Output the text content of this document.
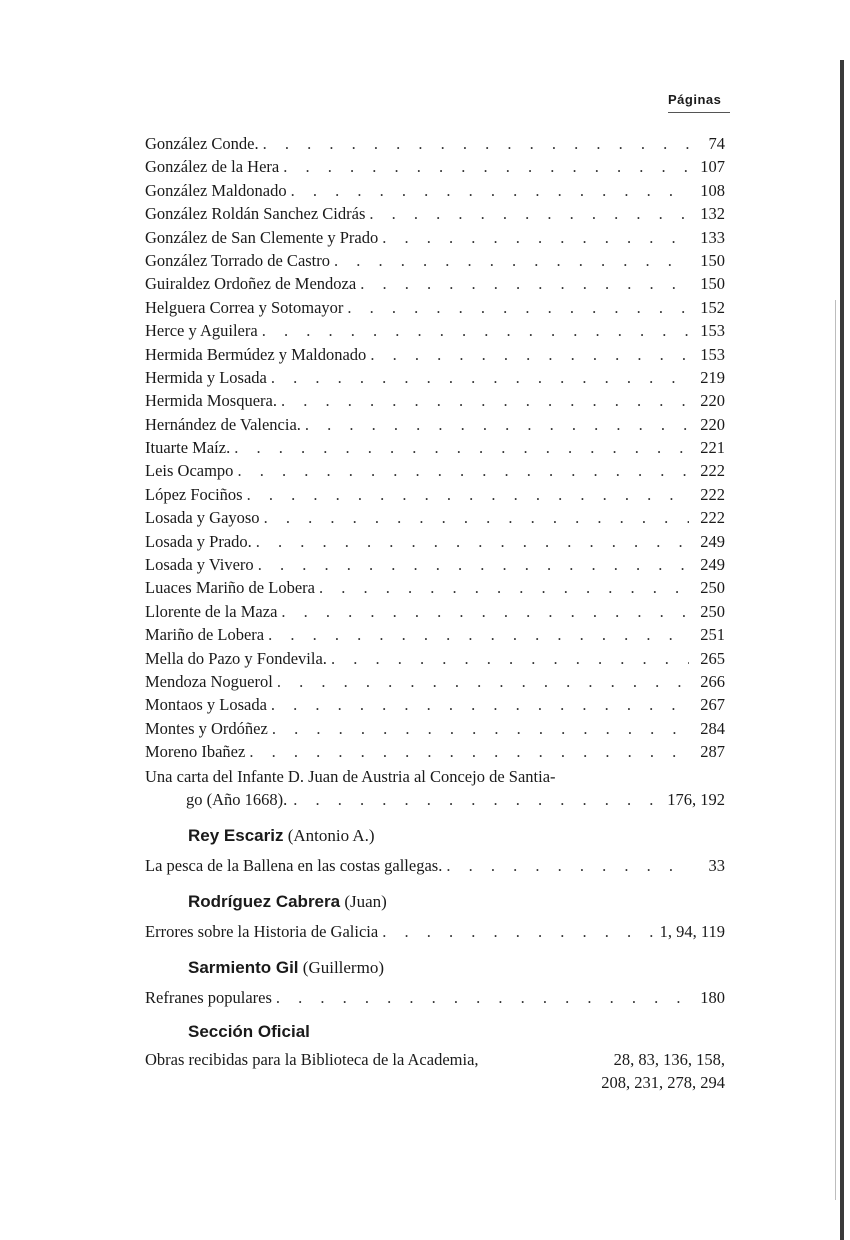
Páginas
González Conde. . . .	74
González de la Hera . . .	107
González Maldonado . . .	108
González Roldán Sanchez Cidrás . . .	132
González de San Clemente y Prado . . .	133
González Torrado de Castro . . .	150
Guiraldez Ordoñez de Mendoza . . .	150
Helguera Correa y Sotomayor . . .	152
Herce y Aguilera . . .	153
Hermida Bermúdez y Maldonado . . .	153
Hermida y Losada . . .	219
Hermida Mosquera. . . .	220
Hernández de Valencia. . . .	220
Ituarte Maíz. . . .	221
Leis Ocampo . . .	222
López Fociños . . .	222
Losada y Gayoso . . .	222
Losada y Prado. . . .	249
Losada y Vivero . . .	249
Luaces Mariño de Lobera . . .	250
Llorente de la Maza . . .	250
Mariño de Lobera . . .	251
Mella do Pazo y Fondevila. . . .	265
Mendoza Noguerol . . .	266
Montaos y Losada . . .	267
Montes y Ordóñez . . .	284
Moreno Ibañez . . .	287
Una carta del Infante D. Juan de Austria al Concejo de Santia-
go (Año 1668). . . .	176, 192
Rey Escariz (Antonio A.)
La pesca de la Ballena en las costas gallegas. . . .	33
Rodríguez Cabrera (Juan)
Errores sobre la Historia de Galicia . . .	1, 94, 119
Sarmiento Gil (Guillermo)
Refranes populares . . .	180
Sección Oficial
Obras recibidas para la Biblioteca de la Academia,	28, 83, 136, 158,
208, 231, 278, 294
